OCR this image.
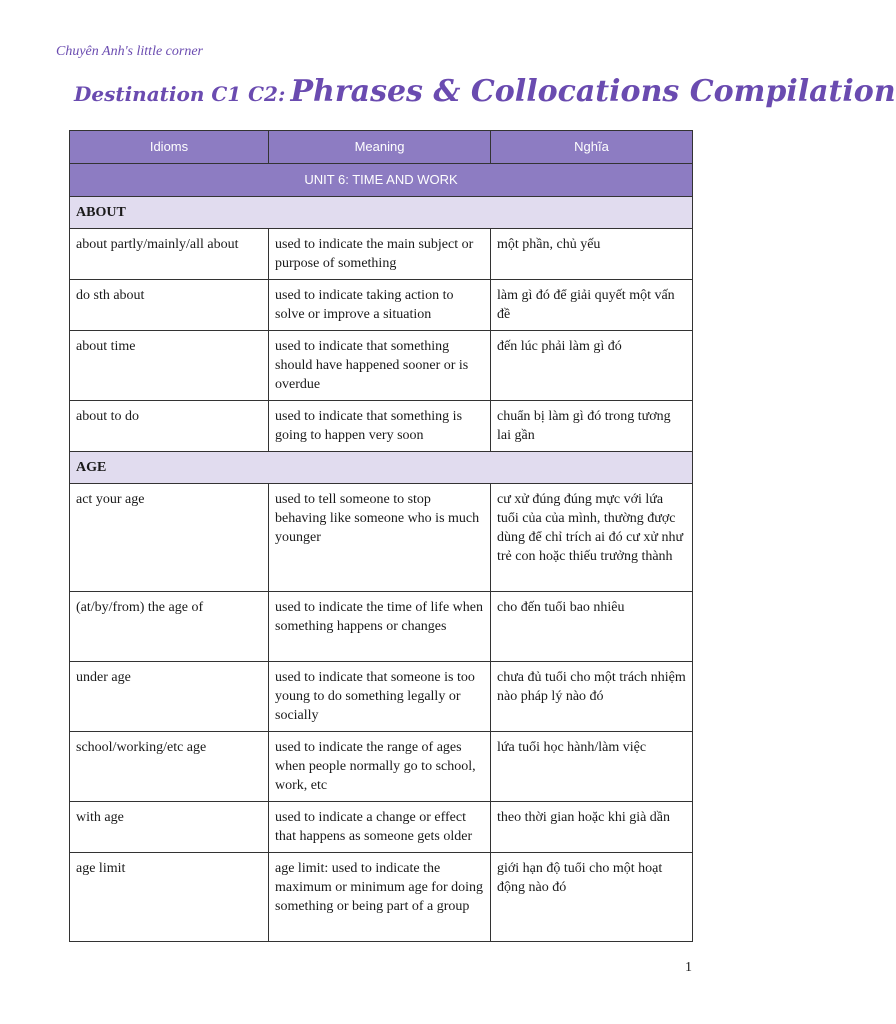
Chuyên Anh's little corner
Destination C1 C2: Phrases & Collocations Compilation
Idioms	Meaning	Nghĩa
UNIT 6: TIME AND WORK		
ABOUT		
about partly/mainly/all about	used to indicate the main subject or purpose of something	một phần, chủ yếu
do sth about	used to indicate taking action to solve or improve a situation	làm gì đó để giải quyết một vấn đề
about time	used to indicate that something should have happened sooner or is overdue	đến lúc phải làm gì đó
about to do	used to indicate that something is going to happen very soon	chuẩn bị làm gì đó trong tương lai gần
AGE		
act your age	used to tell someone to stop behaving like someone who is much younger	cư xử đúng đúng mực với lứa tuổi của của mình, thường được dùng để chỉ trích ai đó cư xử như trẻ con hoặc thiếu trưởng thành
(at/by/from) the age of	used to indicate the time of life when something happens or changes	cho đến tuổi bao nhiêu
under age	used to indicate that someone is too young to do something legally or socially	chưa đủ tuổi cho một trách nhiệm nào pháp lý nào đó
school/working/etc age	used to indicate the range of ages when people normally go to school, work, etc	lứa tuổi học hành/làm việc
with age	used to indicate a change or effect that happens as someone gets older	theo thời gian hoặc khi già dần
age limit	age limit: used to indicate the maximum or minimum age for doing something or being part of a group	giới hạn độ tuổi cho một hoạt động nào đó
1
